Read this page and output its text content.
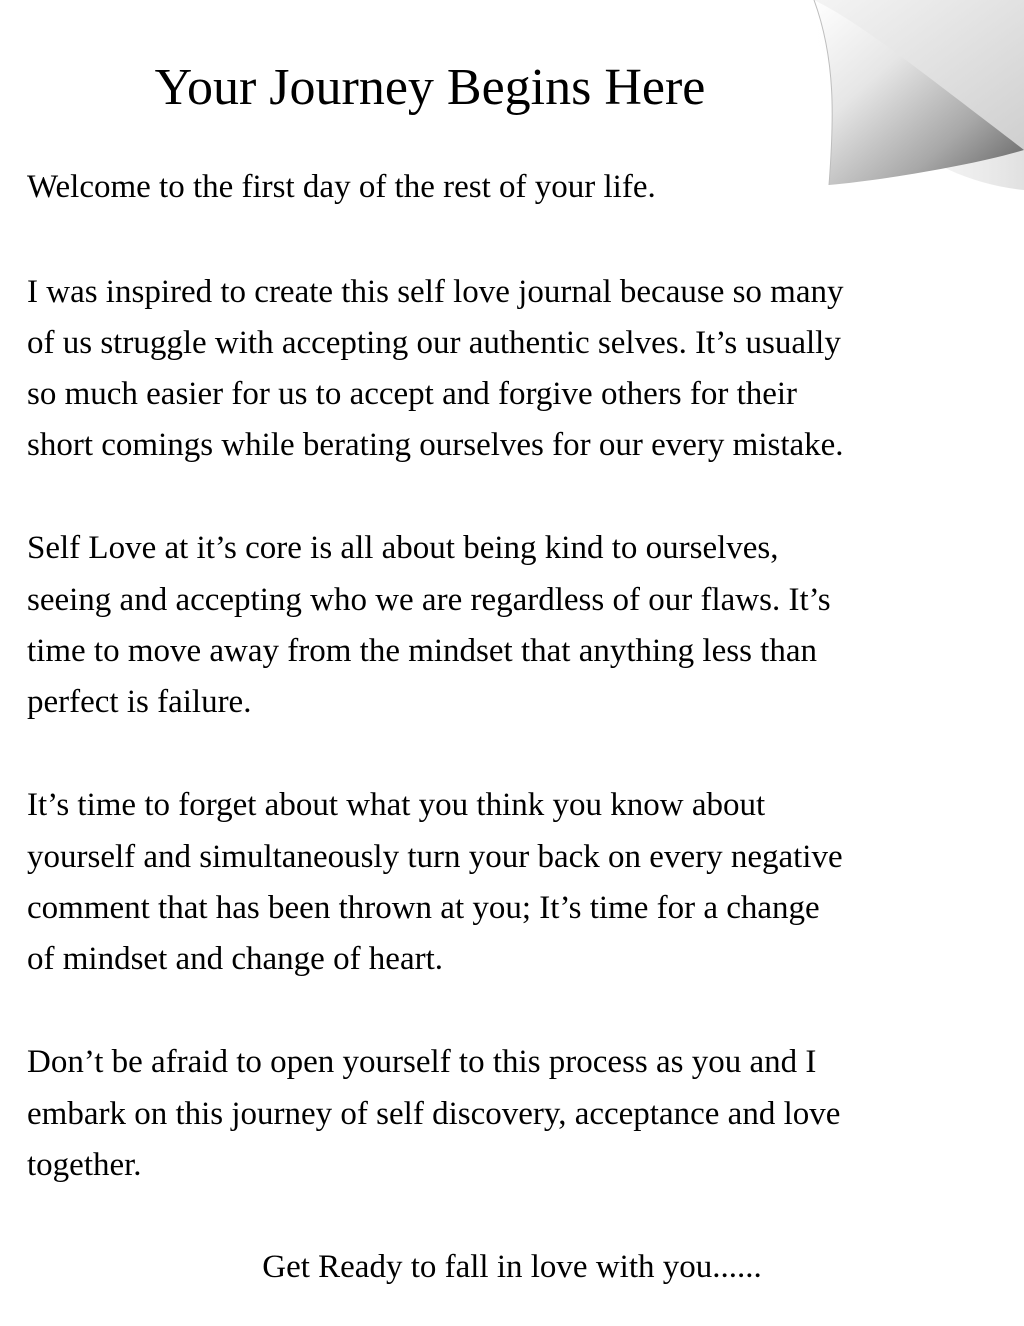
Your Journey Begins Here

Welcome to the first day of the rest of your life.

I was inspired to create this self love journal because so many

of us struggle with accepting our authentic selves. It’s usually

so much easier for us to accept and forgive others for their

short comings while berating ourselves for our every mistake.

Self Love at it’s core is all about being kind to ourselves,

seeing and accepting who we are regardless of our flaws. It’s

time to move away from the mindset that anything less than

perfect is failure.

It’s time to forget about what you think you know about

yourself and simultaneously turn your back on every negative

comment that has been thrown at you; It’s time for a change

of mindset and change of heart.

Don’t be afraid to open yourself to this process as you and I

embark on this journey of self discovery, acceptance and love

together.

Get Ready to fall in love with you......
